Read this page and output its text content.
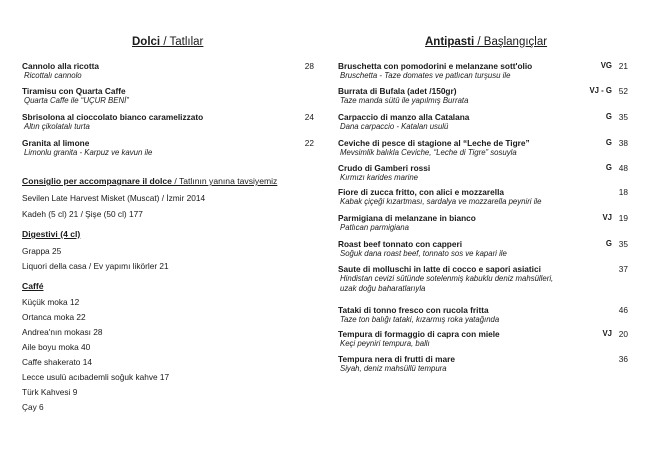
Dolci / Tatlılar
Cannolo alla ricotta
Ricottalı cannolo
28
Tiramisu con Quarta Caffe
Quarta Caffe ile “UÇUR BENİ”
Sbrisolona al cioccolato bianco caramelizzato
Altın çikolatalı turta
24
Granita al limone
Limonlu granita - Karpuz ve kavun ile
22
Consiglio per accompagnare il dolce / Tatlının yanına tavsiyemiz
Sevilen Late Harvest Misket (Muscat) / İzmir 2014
Kadeh (5 cl) 21 / Şişe (50 cl) 177
Digestivi (4 cl)
Grappa 25
Liquori della casa / Ev yapımı likörler 21
Caffé
Küçük moka 12
Ortanca moka 22
Andrea'nın mokası 28
Aile boyu moka 40
Caffe shakerato 14
Lecce usulü acıbademli soğuk kahve 17
Türk Kahvesi 9
Çay 6
Antipasti / Başlangıçlar
Bruschetta con pomodorini e melanzane sott'olio
Bruschetta - Taze domates ve patlıcan turşusu ile
VG 21
Burrata di Bufala (adet /150gr)
Taze manda sütü ile yapılmış Burrata
VJ - G 52
Carpaccio di manzo alla Catalana
Dana carpaccio - Katalan usulü
G 35
Ceviche di pesce di stagione al “Leche de Tigre”
Mevsimlik balıkla Ceviche, “Leche di Tigre” sosuyla
G 38
Crudo di Gamberi rossi
Kırmızı karides marine
G 48
Fiore di zucca fritto, con alici e mozzarella
Kabak çiçeği kızartması, sardalya ve mozzarella peyniri ile
18
Parmigiana di melanzane in bianco
Patlıcan parmigiana
VJ 19
Roast beef tonnato con capperi
Soğuk dana roast beef, tonnato sos ve kapari ile
G 35
Saute di molluschi in latte di cocco e sapori asiatici
Hindistan cevizi sütünde sotelenmiş kabuklu deniz mahsülleri,
uzak doğu baharatlarıyla
37
Tataki di tonno fresco con rucola fritta
Taze ton balığı tataki, kızarmış roka yatağında
46
Tempura di formaggio di capra con miele
Keçi peyniri tempura, ballı
VJ 20
Tempura nera di frutti di mare
Siyah, deniz mahsüllü tempura
36
